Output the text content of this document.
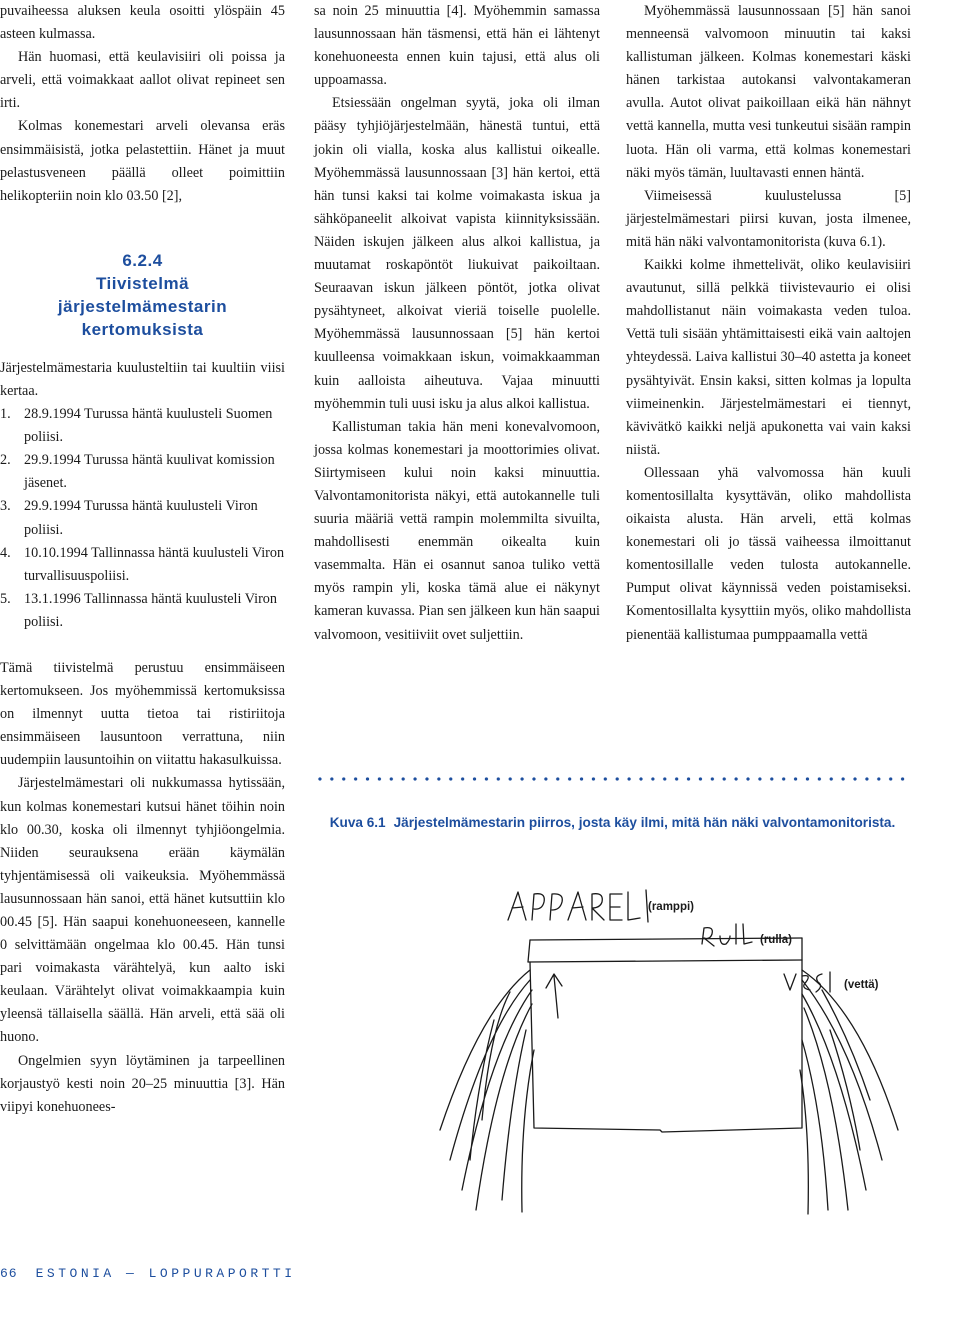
puvaiheessa aluksen keula osoitti ylöspäin 45 asteen kulmassa.

Hän huomasi, että keulavisiiri oli poissa ja arveli, että voimakkaat aallot olivat repineet sen irti.

Kolmas konemestari arveli olevansa eräs ensimmäisistä, jotka pelastettiin. Hänet ja muut pelastusveneen päällä olleet poimittiin helikopteriin noin klo 03.50 [2],

6.2.4
Tiivistelmä
järjestelmämestarin
kertomuksista

Järjestelmämestaria kuulusteltiin tai kuultiin viisi kertaa.

1. 28.9.1994 Turussa häntä kuulusteli Suomen poliisi.
2. 29.9.1994 Turussa häntä kuulivat komission jäsenet.
3. 29.9.1994 Turussa häntä kuulusteli Viron poliisi.
4. 10.10.1994 Tallinnassa häntä kuulusteli Viron turvallisuuspoliisi.
5. 13.1.1996 Tallinnassa häntä kuulusteli Viron poliisi.

Tämä tiivistelmä perustuu ensimmäiseen kertomukseen. Jos myöhemmissä kertomuksissa on ilmennyt uutta tietoa tai ristiriitoja ensimmäiseen lausuntoon verrattuna, niin uudempiin lausuntoihin on viitattu hakasulkuissa.

Järjestelmämestari oli nukkumassa hytissään, kun kolmas konemestari kutsui hänet töihin noin klo 00.30, koska oli ilmennyt tyhjiöongelmia. Niiden seurauksena erään käymälän tyhjentämisessä oli vaikeuksia. Myöhemmässä lausunnossaan hän sanoi, että hänet kutsuttiin klo 00.45 [5]. Hän saapui konehuoneeseen, kannelle 0 selvittämään ongelmaa klo 00.45. Hän tunsi pari voimakasta värähtelyä, kun aalto iski keulaan. Värähtelyt olivat voimakkaampia kuin yleensä tällaisella säällä. Hän arveli, että sää oli huono.

Ongelmien syyn löytäminen ja tarpeellinen korjaustyö kesti noin 20–25 minuuttia [3]. Hän viipyi konehuonees-

sa noin 25 minuuttia [4]. Myöhemmin samassa lausunnossaan hän täsmensi, että hän ei lähtenyt konehuoneesta ennen kuin tajusi, että alus oli uppoamassa.

Etsiessään ongelman syytä, joka oli ilman pääsy tyhjiöjärjestelmään, hänestä tuntui, että jokin oli vialla, koska alus kallistui oikealle. Myöhemmässä lausunnossaan [3] hän kertoi, että hän tunsi kaksi tai kolme voimakasta iskua ja sähköpaneelit alkoivat vapista kiinnityksissään. Näiden iskujen jälkeen alus alkoi kallistua, ja muutamat roskapöntöt liukuivat paikoiltaan. Seuraavan iskun jälkeen pöntöt, jotka olivat pysähtyneet, alkoivat vieriä toiselle puolelle. Myöhemmässä lausunnossaan [5] hän kertoi kuulleensa voimakkaan iskun, voimakkaamman kuin aalloista aiheutuva. Vajaa minuutti myöhemmin tuli uusi isku ja alus alkoi kallistua.

Kallistuman takia hän meni konevalvomoon, jossa kolmas konemestari ja moottorimies olivat. Siirtymiseen kului noin kaksi minuuttia. Valvontamonitorista näkyi, että autokannelle tuli suuria määriä vettä rampin molemmilta sivuilta, mahdollisesti enemmän oikealta kuin vasemmalta. Hän ei osannut sanoa tuliko vettä myös rampin yli, koska tämä alue ei näkynyt kameran kuvassa. Pian sen jälkeen kun hän saapui valvomoon, vesitiiviit ovet suljettiin.

Myöhemmässä lausunnossaan [5] hän sanoi menneensä valvomoon minuutin tai kaksi kallistuman jälkeen. Kolmas konemestari käski hänen tarkistaa autokansi valvontakameran avulla. Autot olivat paikoillaan eikä hän nähnyt vettä kannella, mutta vesi tunkeutui sisään rampin luota. Hän oli varma, että kolmas konemestari näki myös tämän, luultavasti ennen häntä.

Viimeisessä kuulustelussa [5] järjestelmämestari piirsi kuvan, josta ilmenee, mitä hän näki valvontamonitorista (kuva 6.1).

Kaikki kolme ihmettelivät, oliko keulavisiiri avautunut, sillä pelkkä tiivistevaurio ei olisi mahdollistanut näin voimakasta veden tuloa. Vettä tuli sisään yhtämittaisesti eikä vain aaltojen yhteydessä. Laiva kallistui 30–40 astetta ja koneet pysähtyivät. Ensin kaksi, sitten kolmas ja lopulta viimeinenkin. Järjestelmämestari ei tiennyt, kävivätkö kaikki neljä apukonetta vai vain kaksi niistä.

Ollessaan yhä valvomossa hän kuuli komentosillalta kysyttävän, oliko mahdollista oikaista alusta. Hän arveli, että kolmas konemestari oli jo tässä vaiheessa ilmoittanut komentosillalle veden tulosta autokannelle. Pumput olivat käynnissä veden poistamiseksi. Komentosillalta kysyttiin myös, oliko mahdollista pienentää kallistumaa pumppaamalla vettä

Kuva 6.1 Järjestelmämestarin piirros, josta käy ilmi, mitä hän näki valvontamonitorista.
(ramppi)
(rulla)
(vettä)
66 ESTONIA — LOPPURAPORTTI
